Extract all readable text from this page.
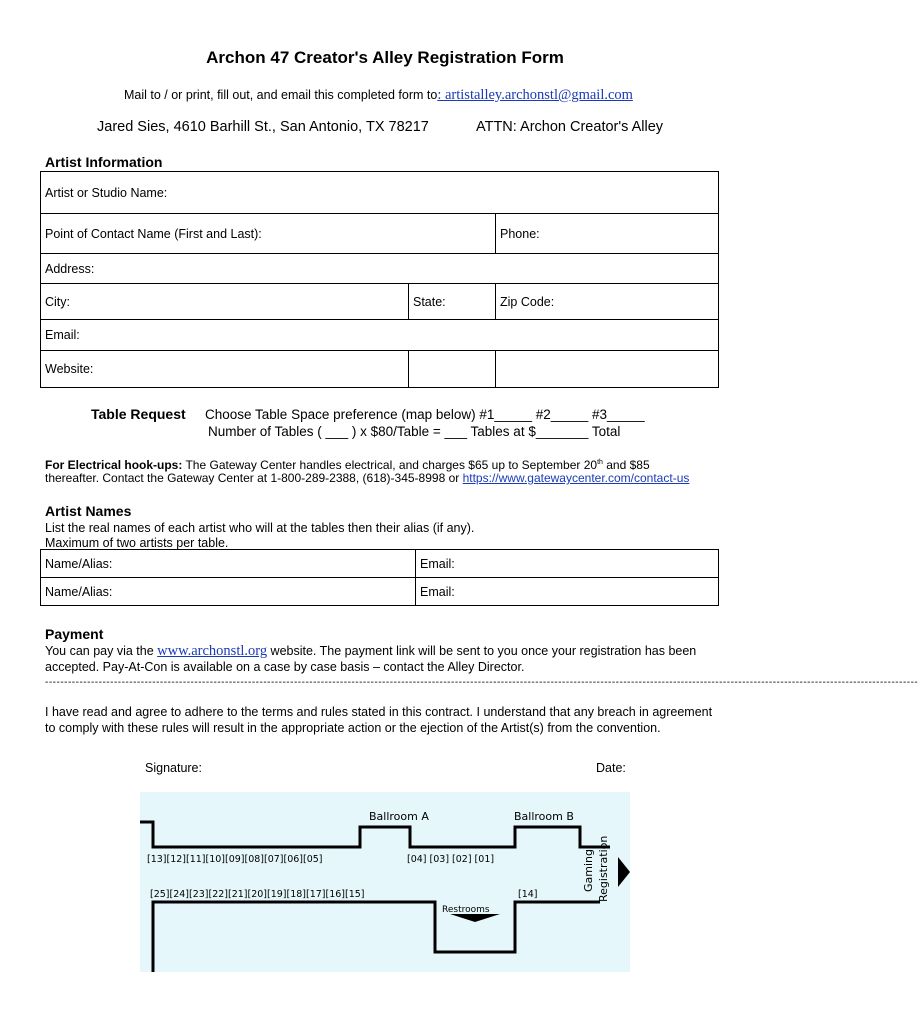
Archon 47 Creator's Alley Registration Form
Mail to / or print, fill out, and email this completed form to: artistalley.archonstl@gmail.com
Jared Sies, 4610 Barhill St., San Antonio, TX 78217	ATTN: Archon Creator's Alley
Artist Information
Artist or Studio Name:		
Point of Contact Name (First and Last):		Phone:
Address:		
City:	State:	Zip Code:
Email:		
Website:		
Table Request Choose Table Space preference (map below) #1_____ #2_____ #3_____
Number of Tables ( ___ ) x $80/Table = ___ Tables at $_______ Total
For Electrical hook-ups: The Gateway Center handles electrical, and charges $65 up to September 20th and $85
thereafter. Contact the Gateway Center at 1-800-289-2388, (618)-345-8998 or https://www.gatewaycenter.com/contact-us
Artist Names
List the real names of each artist who will at the tables then their alias (if any).
Maximum of two artists per table.
Name/Alias:	Email:
Name/Alias:	Email:
Payment
You can pay via the www.archonstl.org website. The payment link will be sent to you once your registration has been accepted. Pay-At-Con is available on a case by case basis – contact the Alley Director.
------------------------------------------------------------------------------------------------------------------------------------------------------------------------------------------------------------------------------------
I have read and agree to adhere to the terms and rules stated in this contract. I understand that any breach in agreement to comply with these rules will result in the appropriate action or the ejection of the Artist(s) from the convention.
Signature:	Date:
Ballroom A	Ballroom B
[13][12][11][10][09][08][07][06][05]	[04] [03] [02] [01]
[25][24][23][22][21][20][19][18][17][16][15]	[14]
Restrooms
Gaming Registration
